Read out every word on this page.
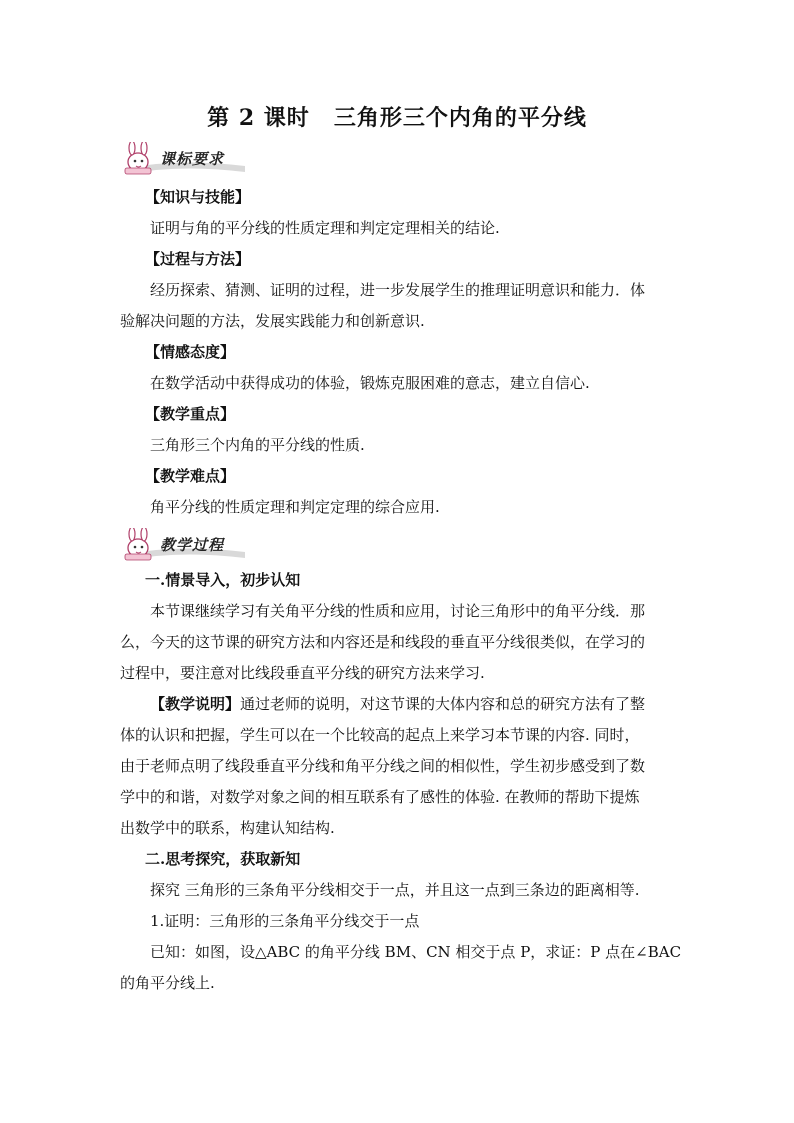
第 2 课时 三角形三个内角的平分线
课标要求
【知识与技能】
证明与角的平分线的性质定理和判定定理相关的结论.
【过程与方法】
经历探索、猜测、证明的过程，进一步发展学生的推理证明意识和能力．体
验解决问题的方法，发展实践能力和创新意识.
【情感态度】
在数学活动中获得成功的体验，锻炼克服困难的意志，建立自信心.
【教学重点】
三角形三个内角的平分线的性质.
【教学难点】
角平分线的性质定理和判定定理的综合应用.
教学过程
一.情景导入，初步认知
本节课继续学习有关角平分线的性质和应用，讨论三角形中的角平分线．那
么，今天的这节课的研究方法和内容还是和线段的垂直平分线很类似，在学习的
过程中，要注意对比线段垂直平分线的研究方法来学习.
【教学说明】通过老师的说明，对这节课的大体内容和总的研究方法有了整
体的认识和把握，学生可以在一个比较高的起点上来学习本节课的内容. 同时，
由于老师点明了线段垂直平分线和角平分线之间的相似性，学生初步感受到了数
学中的和谐，对数学对象之间的相互联系有了感性的体验. 在教师的帮助下提炼
出数学中的联系，构建认知结构.
二.思考探究，获取新知
探究 三角形的三条角平分线相交于一点，并且这一点到三条边的距离相等.
1.证明：三角形的三条角平分线交于一点
已知：如图，设△ABC 的角平分线 BM、CN 相交于点 P，求证：P 点在∠BAC
的角平分线上.
